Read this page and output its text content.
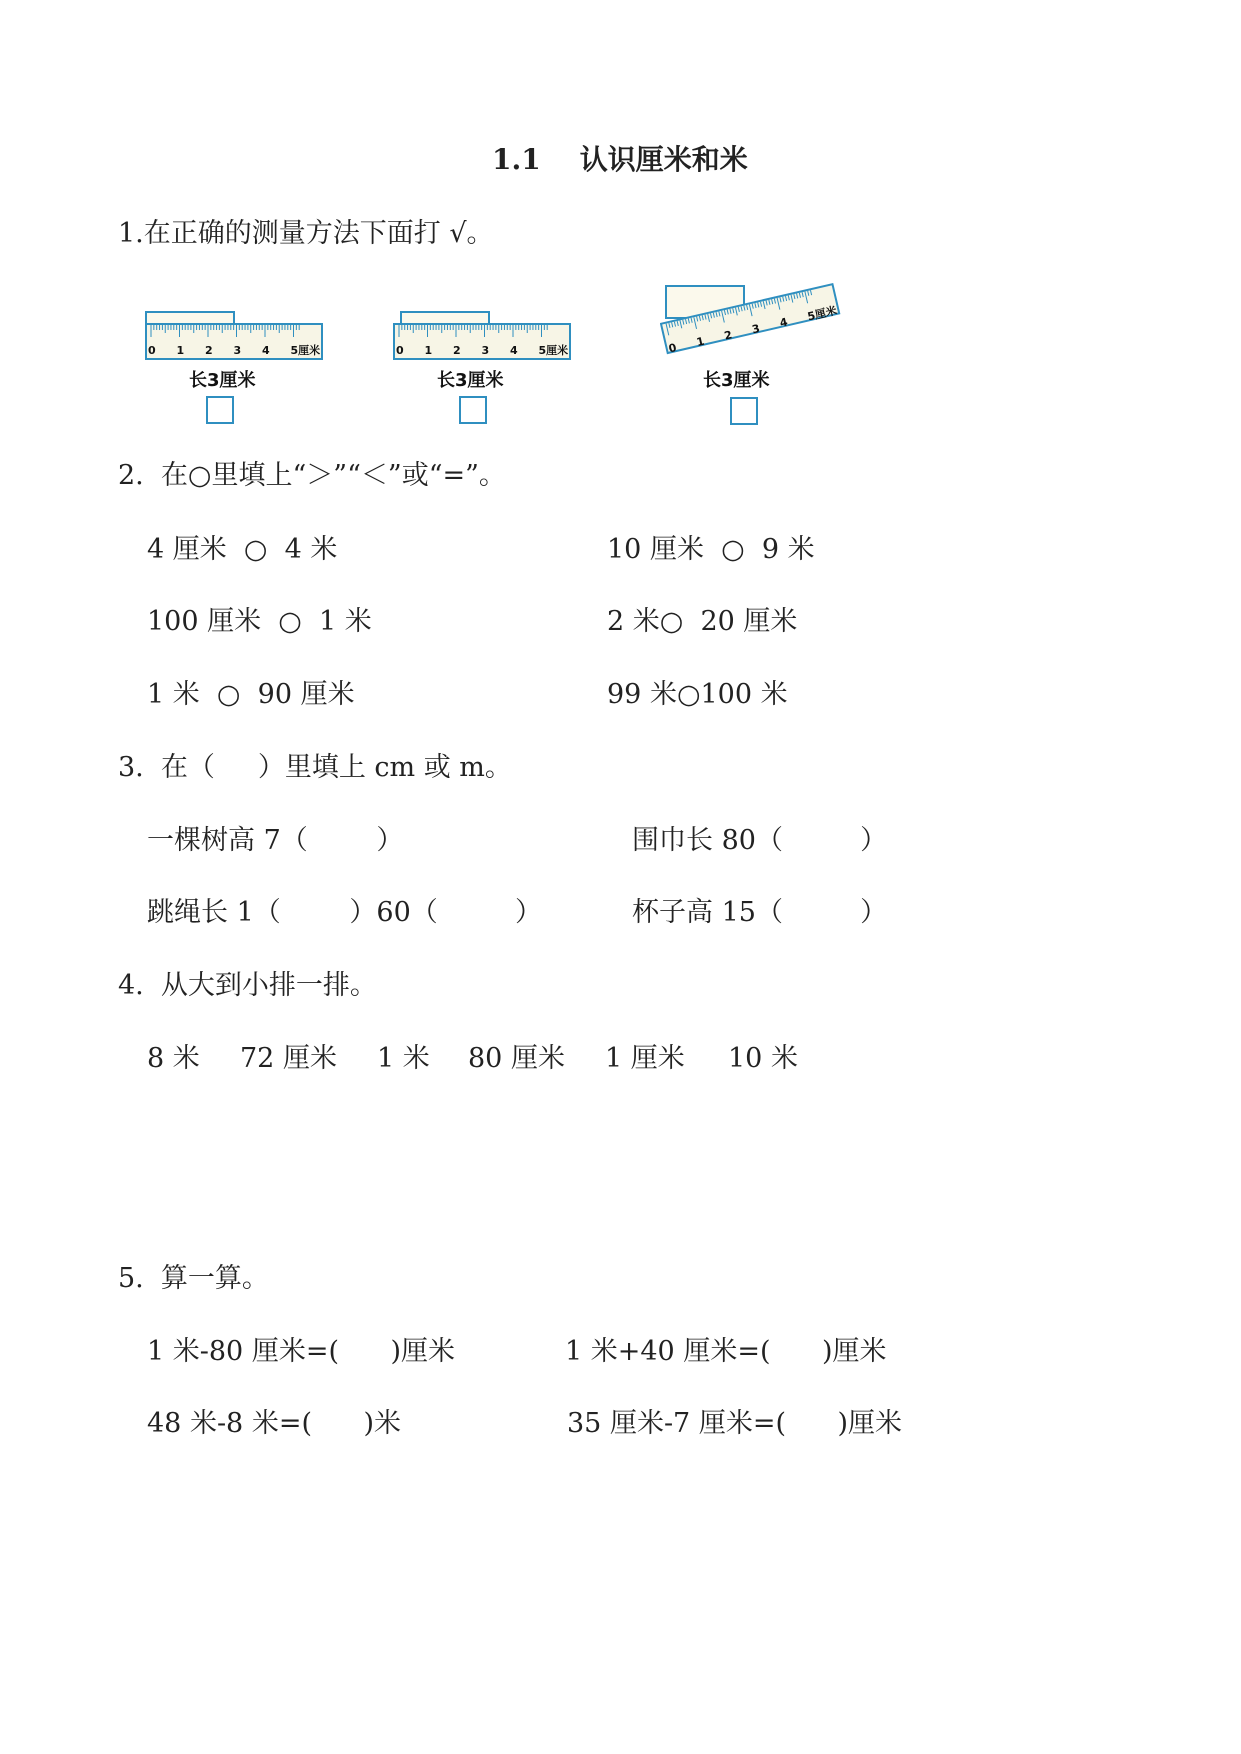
1.1    认识厘米和米
1.在正确的测量方法下面打 √。
0 1 2 3 4 5厘米
长3厘米
0 1 2 3 4 5厘米
长3厘米
0 1 2 3 4 5厘米
长3厘米
2.  在○里填上“＞”“＜”或“=”。
4 厘米  ○  4 米	10 厘米  ○  9 米
100 厘米  ○  1 米	2 米○  20 厘米
1 米  ○  90 厘米	99 米○100 米
3.  在（     ）里填上 cm 或 m。
一棵树高 7（        ）	围巾长 80（         ）
跳绳长 1（        ）60（         ）	杯子高 15（         ）
4.  从大到小排一排。
8 米 72 厘米 1 米 80 厘米 1 厘米 10 米
5.  算一算。
1 米-80 厘米=(      )厘米	1 米+40 厘米=(      )厘米
48 米-8 米=(      )米	35 厘米-7 厘米=(      )厘米
